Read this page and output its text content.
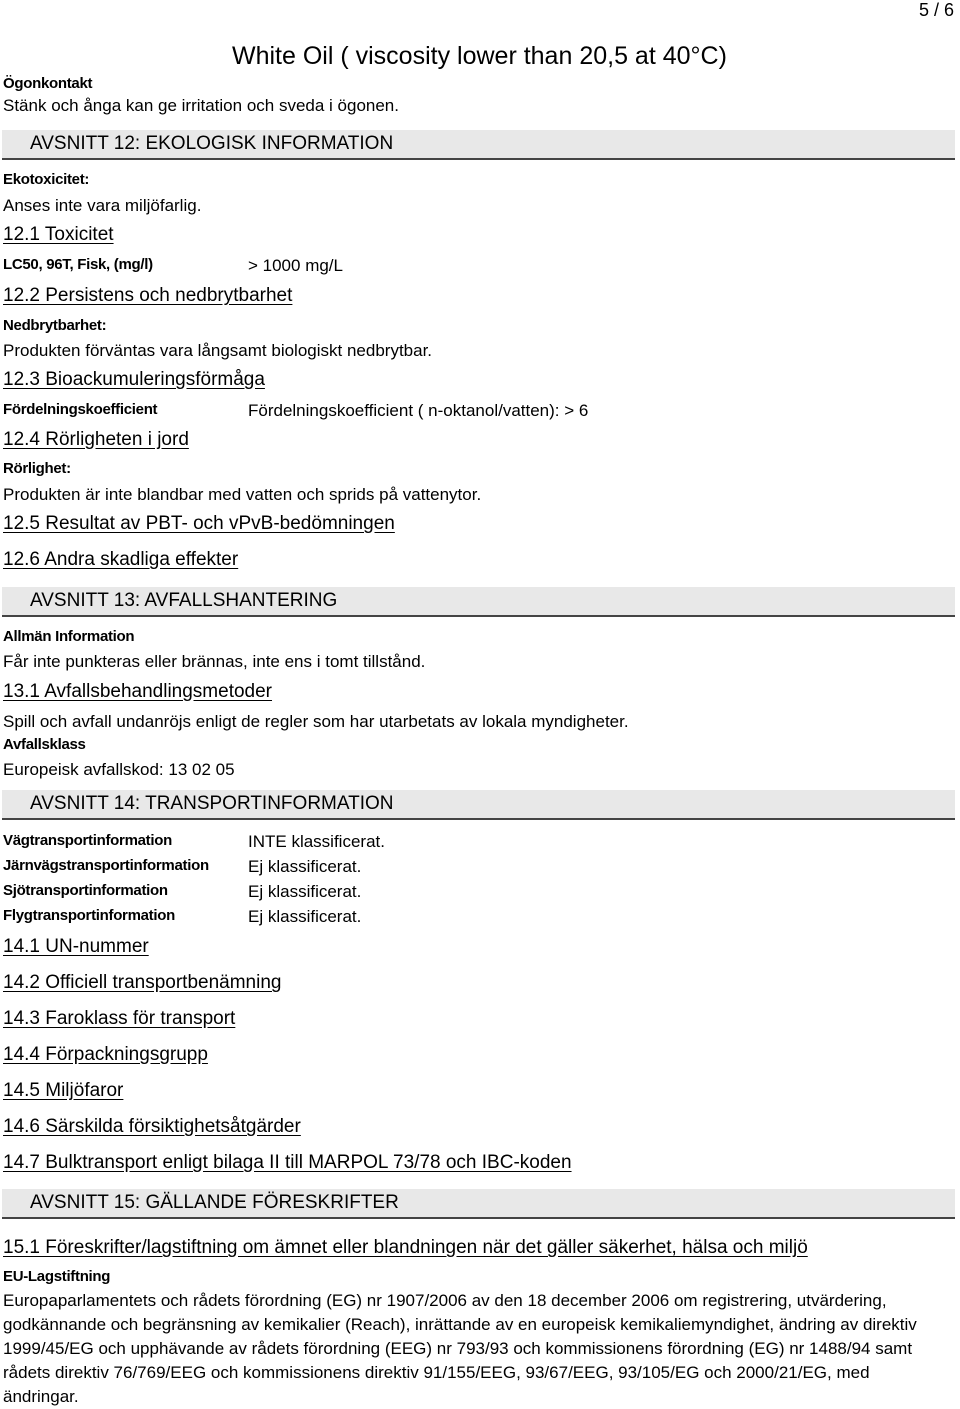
5 / 6
White Oil ( viscosity lower than 20,5 at 40°C)
Ögonkontakt
Stänk och ånga kan ge irritation och sveda i ögonen.
AVSNITT 12: EKOLOGISK INFORMATION
Ekotoxicitet:
Anses inte vara miljöfarlig.
12.1 Toxicitet
LC50, 96T, Fisk, (mg/l)	> 1000 mg/L
12.2 Persistens och nedbrytbarhet
Nedbrytbarhet:
Produkten förväntas vara långsamt biologiskt nedbrytbar.
12.3 Bioackumuleringsförmåga
Fördelningskoefficient	Fördelningskoefficient ( n-oktanol/vatten): > 6
12.4 Rörligheten i jord
Rörlighet:
Produkten är inte blandbar med vatten och sprids på vattenytor.
12.5 Resultat av PBT- och vPvB-bedömningen
12.6 Andra skadliga effekter
AVSNITT 13: AVFALLSHANTERING
Allmän Information
Får inte punkteras eller brännas, inte ens i tomt tillstånd.
13.1 Avfallsbehandlingsmetoder
Spill och avfall undanröjs enligt de regler som har utarbetats av lokala myndigheter.
Avfallsklass
Europeisk avfallskod: 13 02 05
AVSNITT 14: TRANSPORTINFORMATION
Vägtransportinformation	INTE klassificerat.
Järnvägstransportinformation Ej klassificerat.
Sjötransportinformation	Ej klassificerat.
Flygtransportinformation	Ej klassificerat.
14.1 UN-nummer
14.2 Officiell transportbenämning
14.3 Faroklass för transport
14.4 Förpackningsgrupp
14.5 Miljöfaror
14.6 Särskilda försiktighetsåtgärder
14.7 Bulktransport enligt bilaga II till MARPOL 73/78 och IBC-koden
AVSNITT 15: GÄLLANDE FÖRESKRIFTER
15.1 Föreskrifter/lagstiftning om ämnet eller blandningen när det gäller säkerhet, hälsa och miljö
EU-Lagstiftning
Europaparlamentets och rådets förordning (EG) nr 1907/2006 av den 18 december 2006 om registrering, utvärdering, godkännande och begränsning av kemikalier (Reach), inrättande av en europeisk kemikaliemyndighet, ändring av direktiv 1999/45/EG och upphävande av rådets förordning (EEG) nr 793/93 och kommissionens förordning (EG) nr 1488/94 samt rådets direktiv 76/769/EEG och kommissionens direktiv 91/155/EEG, 93/67/EEG, 93/105/EG och 2000/21/EG, med ändringar.
